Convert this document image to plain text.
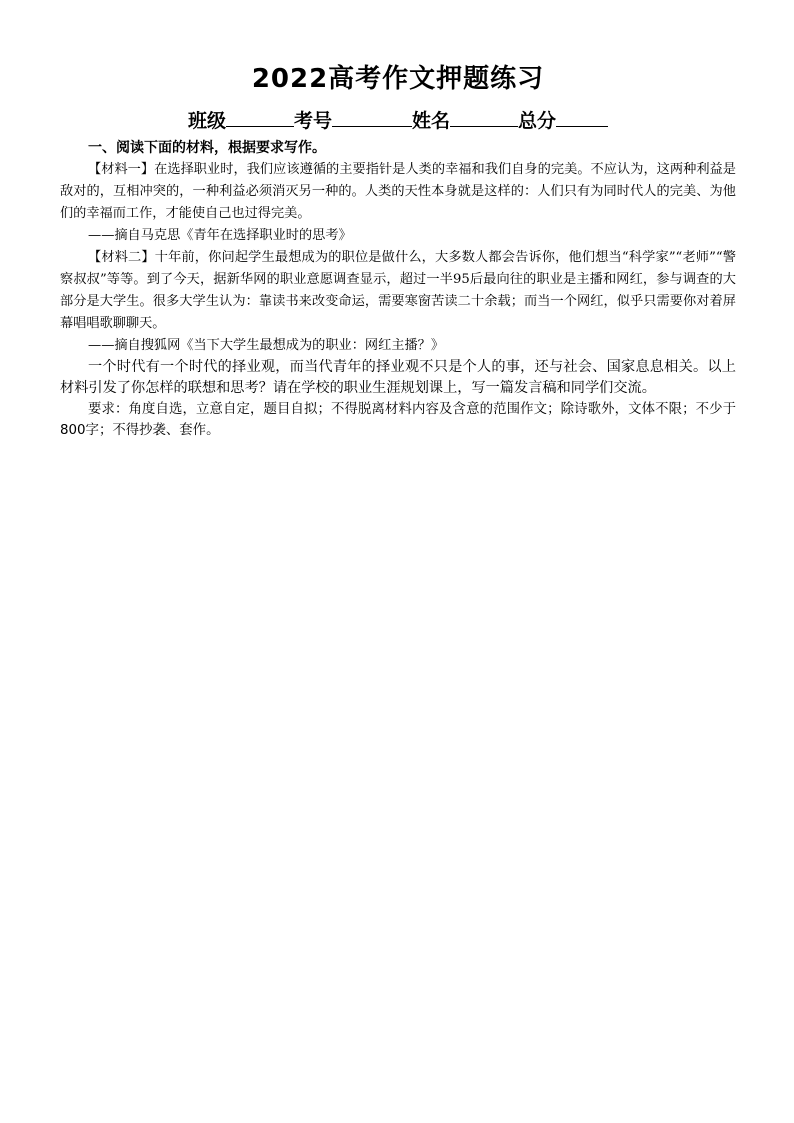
2022高考作文押题练习
班级	考号	姓名	总分

一、阅读下面的材料，根据要求写作。

【材料一】在选择职业时，我们应该遵循的主要指针是人类的幸福和我们自身的完美。不应认为，这两种利益是敌对的，互相冲突的，一种利益必须消灭另一种的。人类的天性本身就是这样的：人们只有为同时代人的完美、为他们的幸福而工作，才能使自己也过得完美。

——摘自马克思《青年在选择职业时的思考》

【材料二】十年前，你问起学生最想成为的职位是做什么，大多数人都会告诉你，他们想当“科学家”“老师”“警察叔叔”等等。到了今天，据新华网的职业意愿调查显示，超过一半95后最向往的职业是主播和网红，参与调查的大部分是大学生。很多大学生认为：靠读书来改变命运，需要寒窗苦读二十余载；而当一个网红，似乎只需要你对着屏幕唱唱歌聊聊天。

——摘自搜狐网《当下大学生最想成为的职业：网红主播？》

一个时代有一个时代的择业观，而当代青年的择业观不只是个人的事，还与社会、国家息息相关。以上材料引发了你怎样的联想和思考？请在学校的职业生涯规划课上，写一篇发言稿和同学们交流。

要求：角度自选，立意自定，题目自拟；不得脱离材料内容及含意的范围作文；除诗歌外，文体不限；不少于 800字；不得抄袭、套作。
